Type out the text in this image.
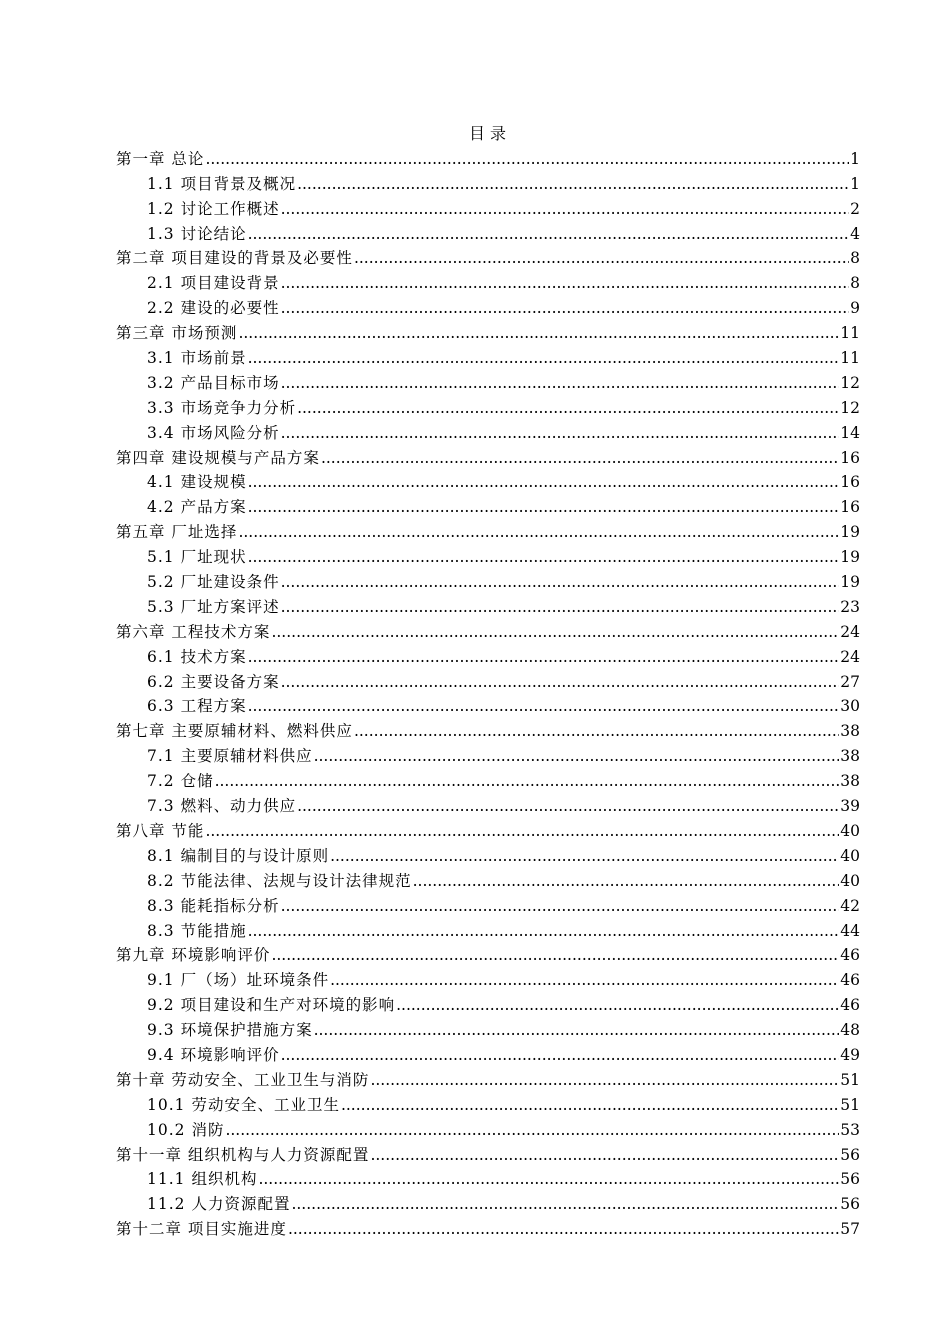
目 录
第一章 总论 .....	1
1.1 项目背景及概况 .....	1
1.2 讨论工作概述 .....	2
1.3 讨论结论 .....	4
第二章 项目建设的背景及必要性 .....	8
2.1 项目建设背景 .....	8
2.2 建设的必要性 .....	9
第三章 市场预测 .....	11
3.1 市场前景 .....	11
3.2 产品目标市场 .....	12
3.3 市场竞争力分析 .....	12
3.4 市场风险分析 .....	14
第四章 建设规模与产品方案 .....	16
4.1 建设规模 .....	16
4.2 产品方案 .....	16
第五章 厂址选择 .....	19
5.1 厂址现状 .....	19
5.2 厂址建设条件 .....	19
5.3 厂址方案评述 .....	23
第六章 工程技术方案 .....	24
6.1 技术方案 .....	24
6.2 主要设备方案 .....	27
6.3 工程方案 .....	30
第七章 主要原辅材料、燃料供应 .....	38
7.1 主要原辅材料供应 .....	38
7.2 仓储 .....	38
7.3 燃料、动力供应 .....	39
第八章 节能 .....	40
8.1 编制目的与设计原则 .....	40
8.2 节能法律、法规与设计法律规范 .....	40
8.3 能耗指标分析 .....	42
8.3 节能措施 .....	44
第九章 环境影响评价 .....	46
9.1 厂（场）址环境条件 .....	46
9.2 项目建设和生产对环境的影响 .....	46
9.3 环境保护措施方案 .....	48
9.4 环境影响评价 .....	49
第十章 劳动安全、工业卫生与消防 .....	51
10.1 劳动安全、工业卫生 .....	51
10.2 消防 .....	53
第十一章 组织机构与人力资源配置 .....	56
11.1 组织机构 .....	56
11.2 人力资源配置 .....	56
第十二章 项目实施进度 .....	57
